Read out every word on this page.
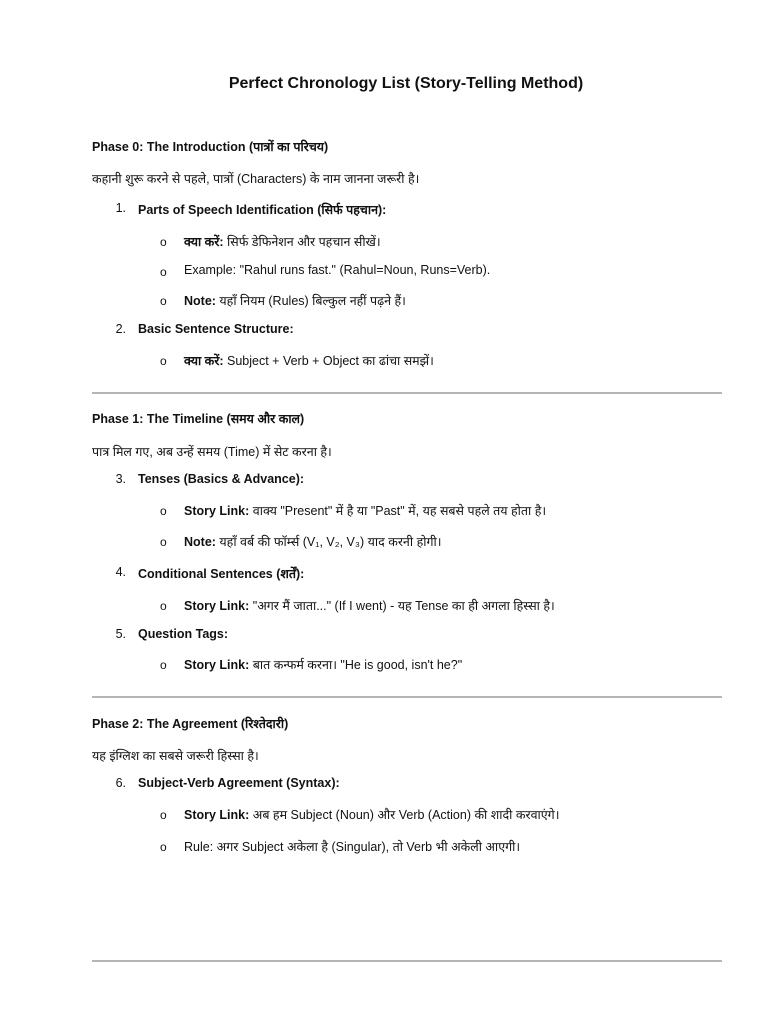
Perfect Chronology List (Story-Telling Method)
Phase 0: The Introduction (पात्रों का परिचय)
कहानी शुरू करने से पहले, पात्रों (Characters) के नाम जानना जरूरी है।
1. Parts of Speech Identification (सिर्फ पहचान):
o क्या करें: सिर्फ डेफिनेशन और पहचान सीखें।
o Example: "Rahul runs fast." (Rahul=Noun, Runs=Verb).
o Note: यहाँ नियम (Rules) बिल्कुल नहीं पढ़ने हैं।
2. Basic Sentence Structure:
o क्या करें: Subject + Verb + Object का ढांचा समझें।
Phase 1: The Timeline (समय और काल)
पात्र मिल गए, अब उन्हें समय (Time) में सेट करना है।
3. Tenses (Basics & Advance):
o Story Link: वाक्य "Present" में है या "Past" में, यह सबसे पहले तय होता है।
o Note: यहाँ वर्ब की फॉर्म्स (V₁, V₂, V₃) याद करनी होगी।
4. Conditional Sentences (शर्तें):
o Story Link: "अगर मैं जाता..." (If I went) - यह Tense का ही अगला हिस्सा है।
5. Question Tags:
o Story Link: बात कन्फर्म करना। "He is good, isn't he?"
Phase 2: The Agreement (रिश्तेदारी)
यह इंग्लिश का सबसे जरूरी हिस्सा है।
6. Subject-Verb Agreement (Syntax):
o Story Link: अब हम Subject (Noun) और Verb (Action) की शादी करवाएंगे।
o Rule: अगर Subject अकेला है (Singular), तो Verb भी अकेली आएगी।
